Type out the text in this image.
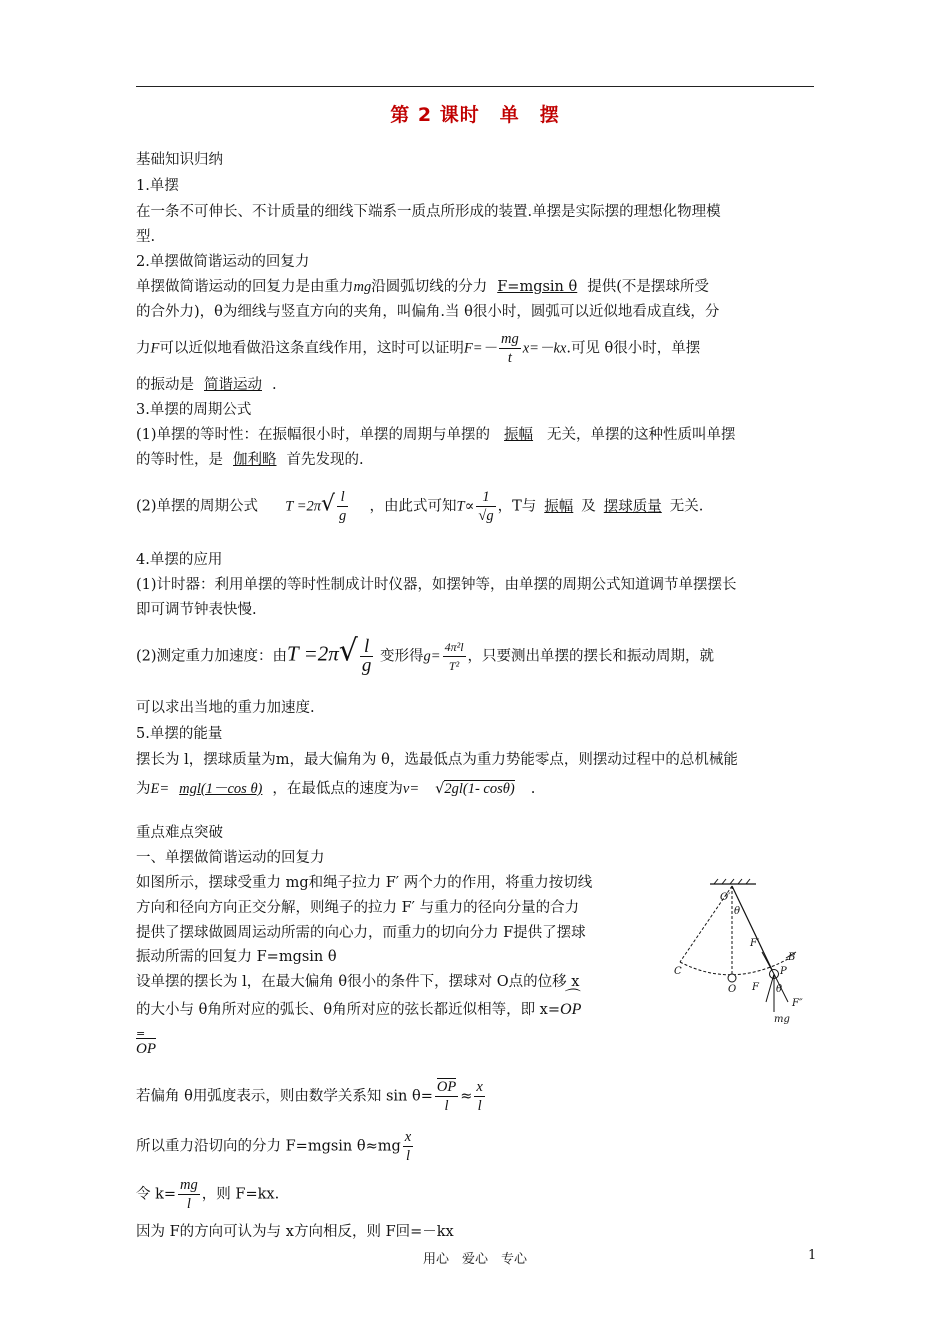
第 2 课时　单　摆
基础知识归纳
1.单摆
在一条不可伸长、不计质量的细线下端系一质点所形成的装置.单摆是实际摆的理想化物理模
型.
2.单摆做简谐运动的回复力
单摆做简谐运动的回复力是由重力mg沿圆弧切线的分力 F=mgsin θ 提供(不是摆球所受
的合外力)，θ为细线与竖直方向的夹角，叫偏角.当 θ很小时，圆弧可以近似地看成直线，分
力F可以近似地看做沿这条直线作用，这时可以证明$F=- \frac{mg}{t} x=-kx$.可见 θ很小时，单摆
的振动是 简谐运动 .
3.单摆的周期公式
(1)单摆的等时性：在振幅很小时，单摆的周期与单摆的 振幅 无关，单摆的这种性质叫单摆
的等时性，是 伽利略 首先发现的.
(2)单摆的周期公式 $T =2\pi√ \frac{l}{g}$ ，由此式可知$T\propto \frac{1}{√g}$ ，T与 振幅 及 摆球质量 无关.
4.单摆的应用
(1)计时器：利用单摆的等时性制成计时仪器，如摆钟等，由单摆的周期公式知道调节单摆摆长
即可调节钟表快慢.
(2)测定重力加速度：由$T =2\pi√ \frac{l}{g}$ 变形得$g= \frac{\text{4π²l}}{\text{T²}}$ ，只要测出单摆的摆长和振动周期，就
可以求出当地的重力加速度.
5.单摆的能量
摆长为 l，摆球质量为m，最大偏角为 θ，选最低点为重力势能零点，则摆动过程中的总机械能
为E= mgl(1－cos θ) ，在最低点的速度为v= √2gl(1- cosθ) .
重点难点突破
一、单摆做简谐运动的回复力
如图所示，摆球受重力 mg和绳子拉力 F′ 两个力的作用，将重力按切线
方向和径向方向正交分解，则绳子的拉力 F′ 与重力的径向分量的合力
提供了摆球做圆周运动所需的向心力，而重力的切向分力 F提供了摆球
振动所需的回复力 F=mgsin θ
设单摆的摆长为 l，在最大偏角 θ很小的条件下，摆球对 O点的位移 x
的大小与 θ角所对应的弧长、θ角所对应的弦长都近似相等，即 x=
⌒
OP
=
OP
若偏角 θ用弧度表示，则由数学关系知 $\sin \theta= \frac{OP}{l} \approx \frac{x}{l}$
所以重力沿切向的分力 F=mgsin $\theta\approx mg \frac{x}{l}$
令 $k= \frac{mg}{l}$ ，则 F=kx.
因为 F的方向可认为与 x方向相反，则 F回=－kx
O′
θ
F′
B
P
C
O F θ
F″
mg
用心　爱心　专心	1
